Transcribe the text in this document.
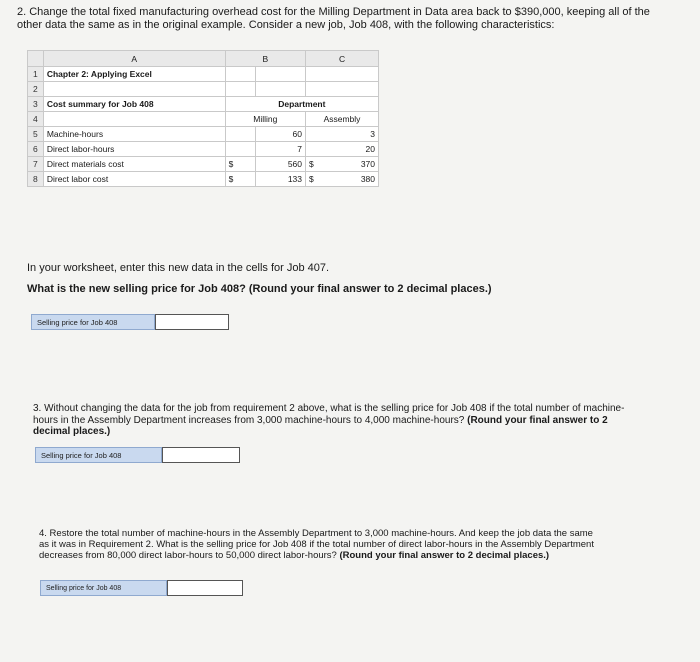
2. Change the total fixed manufacturing overhead cost for the Milling Department in Data area back to $390,000, keeping all of the
other data the same as in the original example. Consider a new job, Job 408, with the following characteristics:
	A	B		C	
1	Chapter 2: Applying Excel				
2					
3	Cost summary for Job 408	Department			
4		Milling		Assembly	
5	Machine-hours		60		3
6	Direct labor-hours		7		20
7	Direct materials cost	$	560	$	370
8	Direct labor cost	$	133	$	380
In your worksheet, enter this new data in the cells for Job 407.
What is the new selling price for Job 408? (Round your final answer to 2 decimal places.)
Selling price for Job 408
3. Without changing the data for the job from requirement 2 above, what is the selling price for Job 408 if the total number of machine-
hours in the Assembly Department increases from 3,000 machine-hours to 4,000 machine-hours? (Round your final answer to 2
decimal places.)
Selling price for Job 408
4. Restore the total number of machine-hours in the Assembly Department to 3,000 machine-hours. And keep the job data the same
as it was in Requirement 2. What is the selling price for Job 408 if the total number of direct labor-hours in the Assembly Department
decreases from 80,000 direct labor-hours to 50,000 direct labor-hours? (Round your final answer to 2 decimal places.)
Selling price for Job 408
